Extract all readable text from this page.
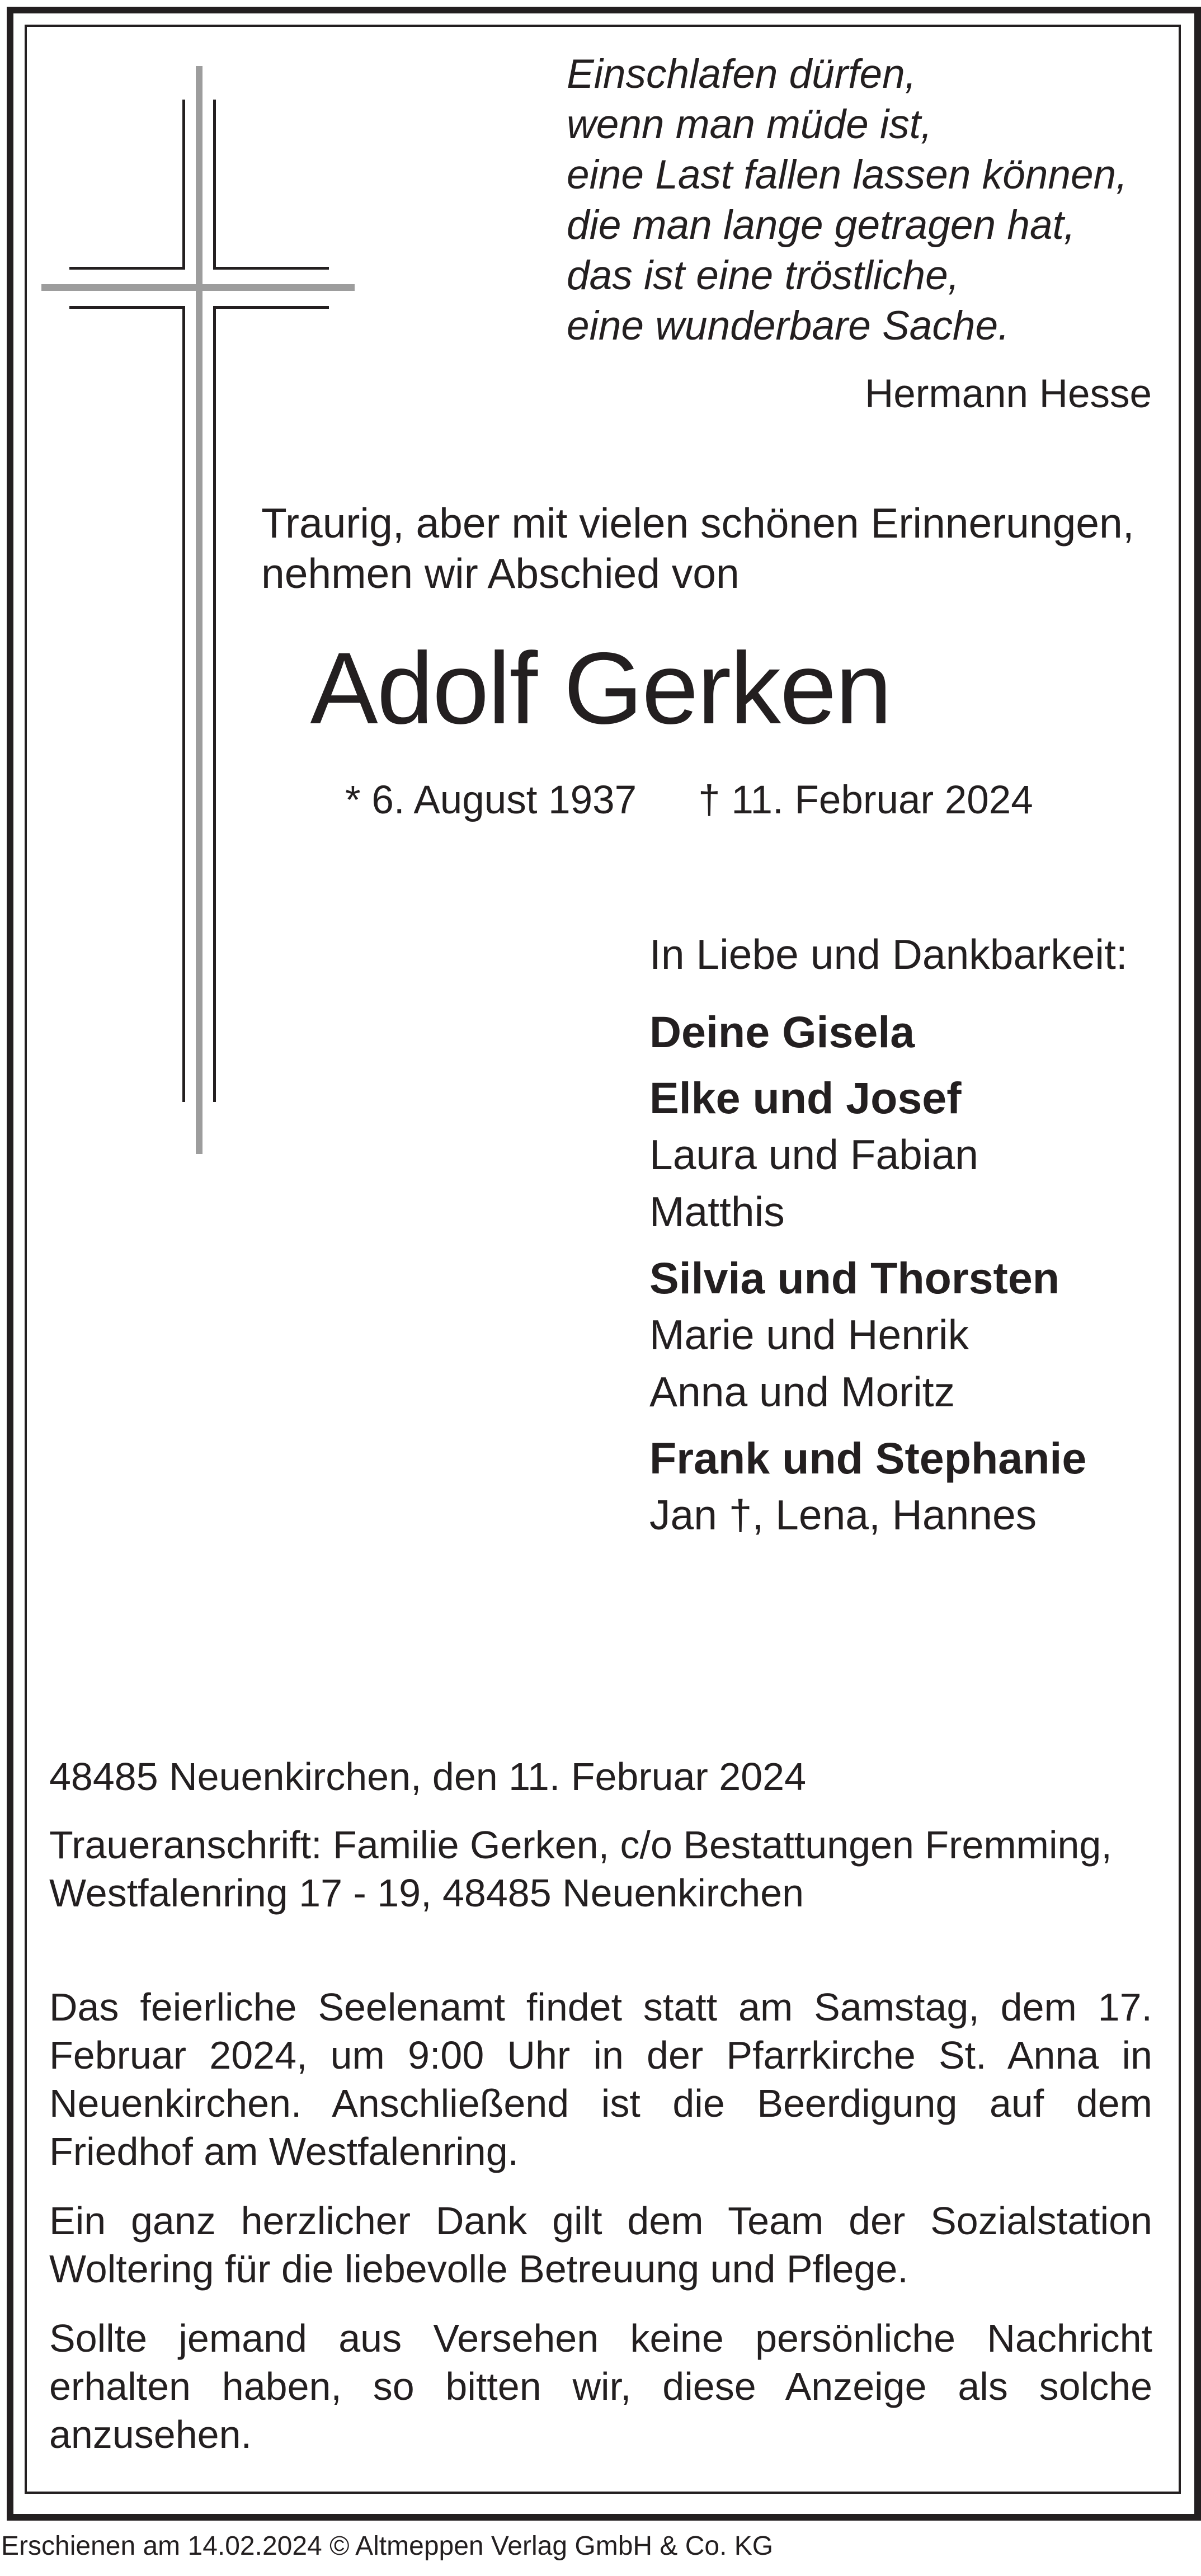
Einschlafen dürfen,
wenn man müde ist,
eine Last fallen lassen können,
die man lange getragen hat,
das ist eine tröstliche,
eine wunderbare Sache.
Hermann Hesse
Traurig, aber mit vielen schönen Erinnerungen,
nehmen wir Abschied von
Adolf Gerken
* 6. August 1937 † 11. Februar 2024
In Liebe und Dankbarkeit:
Deine Gisela
Elke und Josef
Laura und Fabian
Matthis
Silvia und Thorsten
Marie und Henrik
Anna und Moritz
Frank und Stephanie
Jan †, Lena, Hannes
48485 Neuenkirchen, den 11. Februar 2024
Traueranschrift: Familie Gerken, c/o Bestattungen Fremming,
Westfalenring 17 - 19, 48485 Neuenkirchen

Das feierliche Seelenamt findet statt am Samstag, dem 17. Februar 2024, um 9:00 Uhr in der Pfarrkirche St. Anna in Neuenkirchen. Anschließend ist die Beerdigung auf dem Friedhof am Westfalenring.

Ein ganz herzlicher Dank gilt dem Team der Sozialstation Woltering für die liebevolle Betreuung und Pflege.

Sollte jemand aus Versehen keine persönliche Nachricht erhalten haben, so bitten wir, diese Anzeige als solche anzusehen.

Erschienen am 14.02.2024 © Altmeppen Verlag GmbH & Co. KG
